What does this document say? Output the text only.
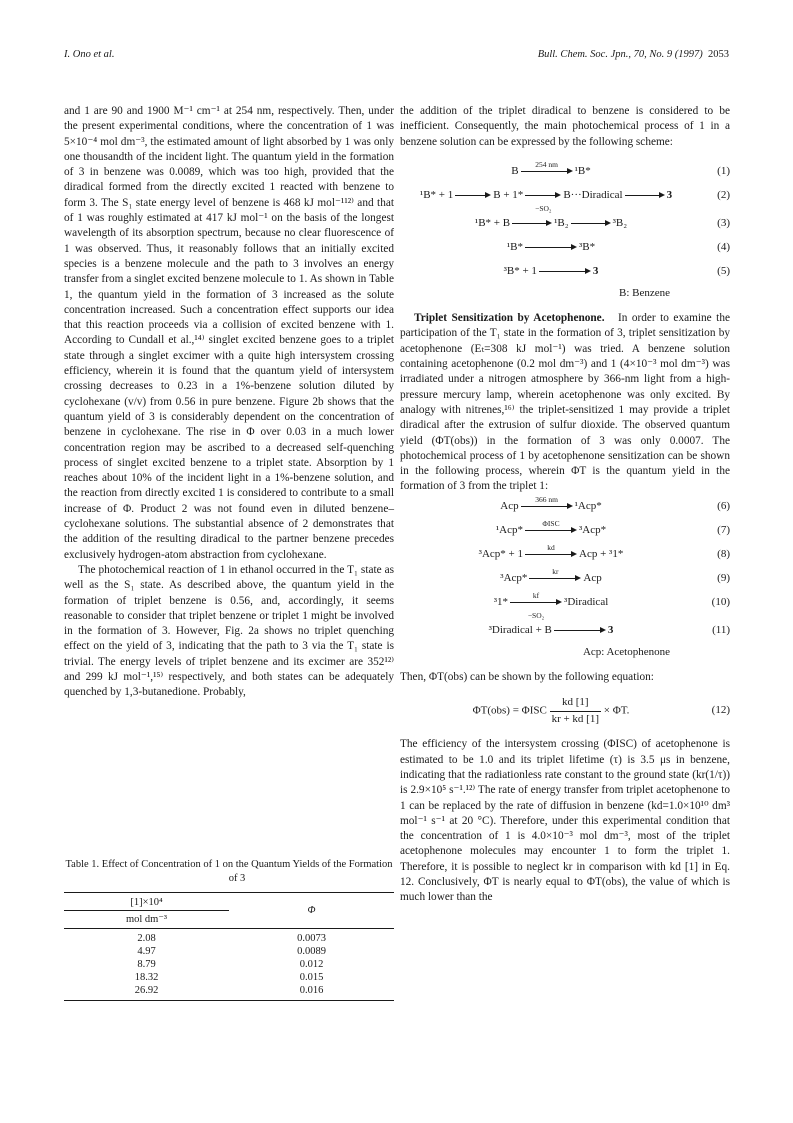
I. Ono et al.	Bull. Chem. Soc. Jpn., 70, No. 9 (1997) 2053

and 1 are 90 and 1900 M⁻¹ cm⁻¹ at 254 nm, respectively. Then, under the present experimental conditions, where the concentration of 1 was 5×10⁻⁴ mol dm⁻³, the estimated amount of light absorbed by 1 was only one thousandth of the incident light. The quantum yield in the formation of 3 in benzene was 0.0089, which was too high, provided that the diradical formed from the directly excited 1 reacted with benzene to form 3. The S₁ state energy level of benzene is 468 kJ mol⁻¹¹²⁾ and that of 1 was roughly estimated at 417 kJ mol⁻¹ on the basis of the longest wavelength of its absorption spectrum, because no clear fluorescence of 1 was observed. Thus, it reasonably follows that an initially excited species is a benzene molecule and the path to 3 involves an energy transfer from a singlet excited benzene molecule to 1. As shown in Table 1, the quantum yield in the formation of 3 increased as the solute concentration increased. Such a concentration effect supports our idea that this reaction proceeds via a collision of excited benzene with 1. According to Cundall et al.,¹⁴⁾ singlet excited benzene goes to a triplet state through a singlet excimer with a quite high intersystem crossing efficiency, wherein it is found that the quantum yield of intersystem crossing decreases to 0.23 in a 1%-benzene solution diluted by cyclohexane (v/v) from 0.56 in pure benzene. Figure 2b shows that the quantum yield of 3 is considerably dependent on the concentration of benzene in cyclohexane. The rise in Φ over 0.03 in a much lower concentration region may be ascribed to a decreased self-quenching process of singlet excited benzene to a triplet state. Absorption by 1 reaches about 10% of the incident light in a 1%-benzene solution, and the reaction from directly excited 1 is considered to contribute to a small increase of Φ. Product 2 was not found even in diluted benzene–cyclohexane solutions. The substantial absence of 2 demonstrates that the addition of the resulting diradical to the partner benzene precedes exclusively hydrogen-atom abstraction from cyclohexane.

The photochemical reaction of 1 in ethanol occurred in the T₁ state as well as the S₁ state. As described above, the quantum yield in the formation of triplet benzene is 0.56, and, accordingly, it seems reasonable to consider that triplet benzene or triplet 1 might be involved in the formation of 3. However, Fig. 2a shows no triplet quenching effect on the yield of 3, indicating that the path to 3 via the T₁ state is trivial. The energy levels of triplet benzene and its excimer are 352¹²⁾ and 299 kJ mol⁻¹,¹⁵⁾ respectively, and both states can be adequately quenched by 1,3-butanedione. Probably,

Table 1. Effect of Concentration of 1 on the Quantum Yields of the Formation of 3
[1]×10⁴	Φ
mol dm⁻³	
2.08	0.0073
4.97	0.0089
8.79	0.012
18.32	0.015
26.92	0.016

the addition of the triplet diradical to benzene is considered to be inefficient. Consequently, the main photochemical process of 1 in a benzene solution can be expressed by the following scheme:

B
254 nm
¹B*	(1)
¹B* + 1	B + 1*
−SO₂
B···Diradical	3	(2)
¹B* + B	¹B₂	³B₂	(3)
¹B*	³B*	(4)
³B* + 1	3	(5)
B: Benzene

Triplet Sensitization by Acetophenone. In order to examine the participation of the T₁ state in the formation of 3, triplet sensitization by acetophenone (Eₜ=308 kJ mol⁻¹) was tried. A benzene solution containing acetophenone (0.2 mol dm⁻³) and 1 (4×10⁻³ mol dm⁻³) was irradiated under a nitrogen atmosphere by 366-nm light from a high-pressure mercury lamp, wherein acetophenone was only excited. By analogy with nitrenes,¹⁶⁾ the triplet-sensitized 1 may provide a triplet diradical after the extrusion of sulfur dioxide. The observed quantum yield (ΦT(obs)) in the formation of 3 was only 0.0007. The photochemical process of 1 by acetophenone sensitization can be shown in the following process, wherein ΦT is the quantum yield in the formation of 3 from the triplet 1:

Acp
366 nm
¹Acp*	(6)
¹Acp*
ΦISC
³Acp*	(7)
³Acp* + 1
kd
Acp + ³1*	(8)
³Acp*
kr
Acp	(9)
³1*
kf
−SO₂
³Diradical	(10)
³Diradical + B	3	(11)
Acp: Acetophenone

Then, ΦT(obs) can be shown by the following equation:

ΦT(obs) = ΦISC $\frac{kd [1]}{kr + kd [1]} \times \Phi T$.	(12)

The efficiency of the intersystem crossing (ΦISC) of acetophenone is estimated to be 1.0 and its triplet lifetime (τ) is 3.5 μs in benzene, indicating that the radiationless rate constant to the ground state (kr(1/τ)) is 2.9×10⁵ s⁻¹.¹²⁾ The rate of energy transfer from triplet acetophenone to 1 can be replaced by the rate of diffusion in benzene (kd=1.0×10¹⁰ dm³ mol⁻¹ s⁻¹ at 20 °C). Therefore, under this experimental condition that the concentration of 1 is 4.0×10⁻³ mol dm⁻³, most of the triplet acetophenone molecules may encounter 1 to form the triplet 1. Therefore, it is possible to neglect kr in comparison with kd [1] in Eq. 12. Conclusively, ΦT is nearly equal to ΦT(obs), the value of which is much lower than the
